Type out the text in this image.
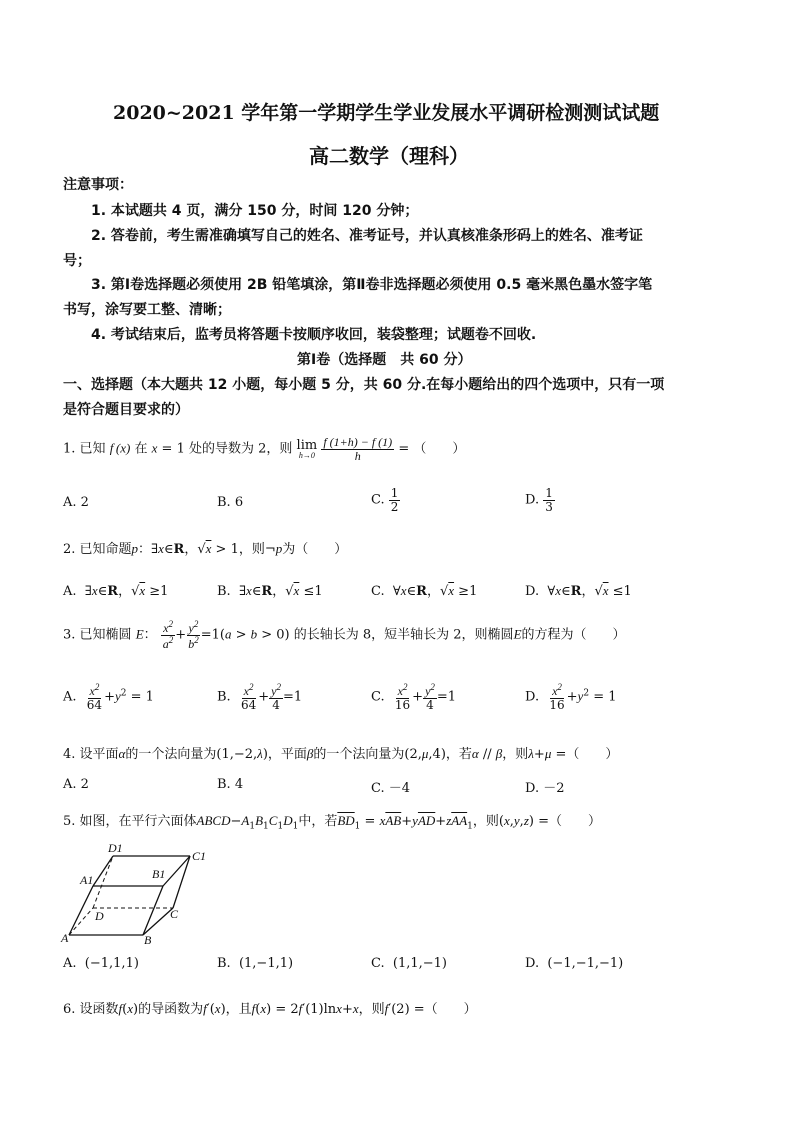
2020~2021 学年第一学期学生学业发展水平调研检测测试试题
高二数学（理科）
注意事项：
1. 本试题共 4 页，满分 150 分，时间 120 分钟；
2. 答卷前，考生需准确填写自己的姓名、准考证号，并认真核准条形码上的姓名、准考证
号；
3. 第Ⅰ卷选择题必须使用 2B 铅笔填涂，第Ⅱ卷非选择题必须使用 0.5 毫米黑色墨水签字笔
书写，涂写要工整、清晰；
4. 考试结束后，监考员将答题卡按顺序收回，装袋整理；试题卷不回收.
第Ⅰ卷（选择题　共 60 分）
一、选择题（本大题共 12 小题，每小题 5 分，共 60 分.在每小题给出的四个选项中，只有一项
是符合题目要求的）
1. 已知 f (x) 在 x = 1 处的导数为 2，则 lim
h→0
$\frac{f (1+h) - f (1)}{h}$ = （　　）
A. 2	B. 6	C. $\frac{1}{2}$	D. $\frac{1}{3}$
2. 已知命题p：∃x∈R，√x > 1，则¬p为（　　）
A.  ∃x∈R，√x ≥1	B.  ∃x∈R，√x ≤1	C.  ∀x∈R，√x ≥1	D.  ∀x∈R，√x ≤1
3. 已知椭圆 E： $\frac{x^2}{a^2} + \frac{y^2}{b^2} =1(a > b > 0)$ 的长轴长为 8，短半轴长为 2，则椭圆E的方程为（　　）
A. $\frac{x^2}{64} +y^2 = 1$	B. $\frac{x^2}{64} + \frac{y^2}{4} =1$	C. $\frac{x^2}{16} + \frac{y^2}{4} =1$	D. $\frac{x^2}{16} +y^2 = 1$
4. 设平面α的一个法向量为(1,−2,λ)，平面β的一个法向量为(2,μ,4)，若α // β，则λ+μ =（　　）
A. 2	B. 4	C. －4	D. －2
5. 如图，在平行六面体$ABCD-A_1B_1C_1D_1$中，若$\overline{BD}_1 = x\overline{AB}+y\overline{AD}+z\overline{AA}_1$，则(x,y,z) =（　　）
D1
C1
A1	B1
D	C
A	B
A.  (−1,1,1)	B.  (1,−1,1)	C.  (1,1,−1)	D.  (−1,−1,−1)
6. 设函数f(x)的导函数为f′(x)，且f(x) = 2f′(1)lnx+x，则f′(2) =（　　）
